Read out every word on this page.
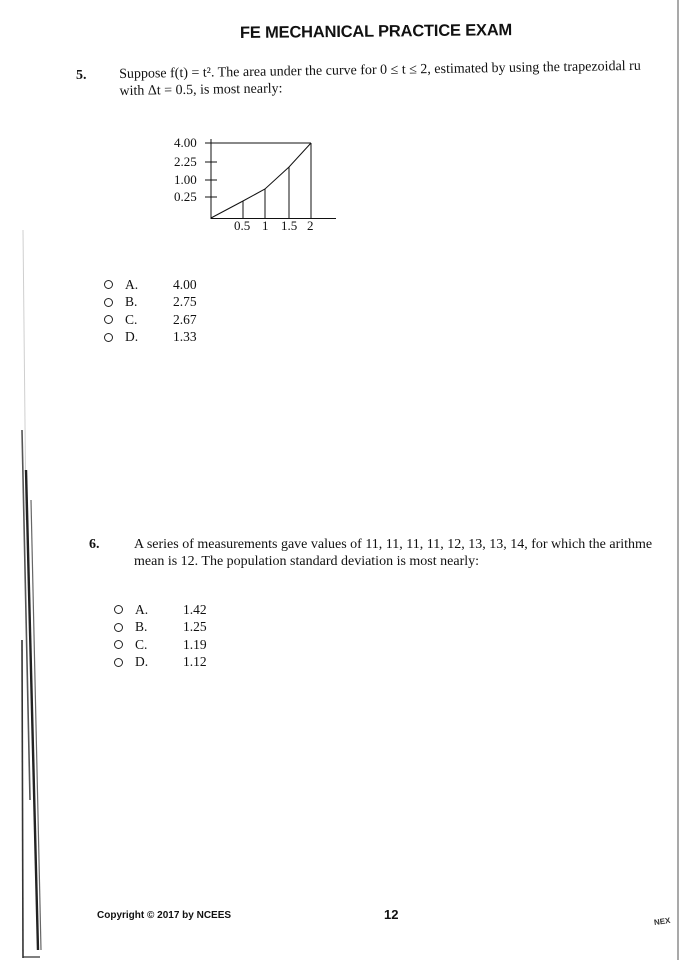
FE MECHANICAL PRACTICE EXAM
5. Suppose f(t) = t². The area under the curve for 0 ≤ t ≤ 2, estimated by using the trapezoidal ru
with Δt = 0.5, is most nearly:
4.00
2.25
1.00
0.25
0.5 1 1.5 2
A.	4.00
B.	2.75
C.	2.67
D.	1.33
6. A series of measurements gave values of 11, 11, 11, 11, 12, 13, 13, 14, for which the arithme
mean is 12. The population standard deviation is most nearly:
A.	1.42
B.	1.25
C.	1.19
D.	1.12
Copyright © 2017 by NCEES	12	NEX
